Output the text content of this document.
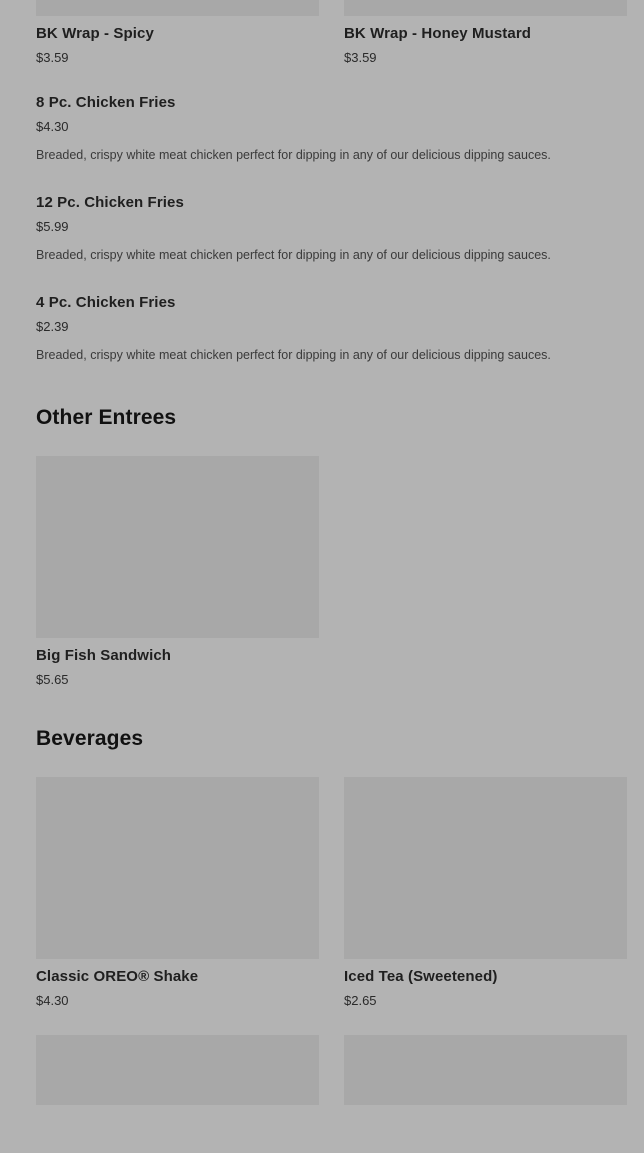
BK Wrap - Spicy
$3.59
BK Wrap - Honey Mustard
$3.59
8 Pc. Chicken Fries
$4.30
Breaded, crispy white meat chicken perfect for dipping in any of our delicious dipping sauces.
12 Pc. Chicken Fries
$5.99
Breaded, crispy white meat chicken perfect for dipping in any of our delicious dipping sauces.
4 Pc. Chicken Fries
$2.39
Breaded, crispy white meat chicken perfect for dipping in any of our delicious dipping sauces.
Other Entrees
Big Fish Sandwich
$5.65
Beverages
Classic OREO® Shake
$4.30
Iced Tea (Sweetened)
$2.65
